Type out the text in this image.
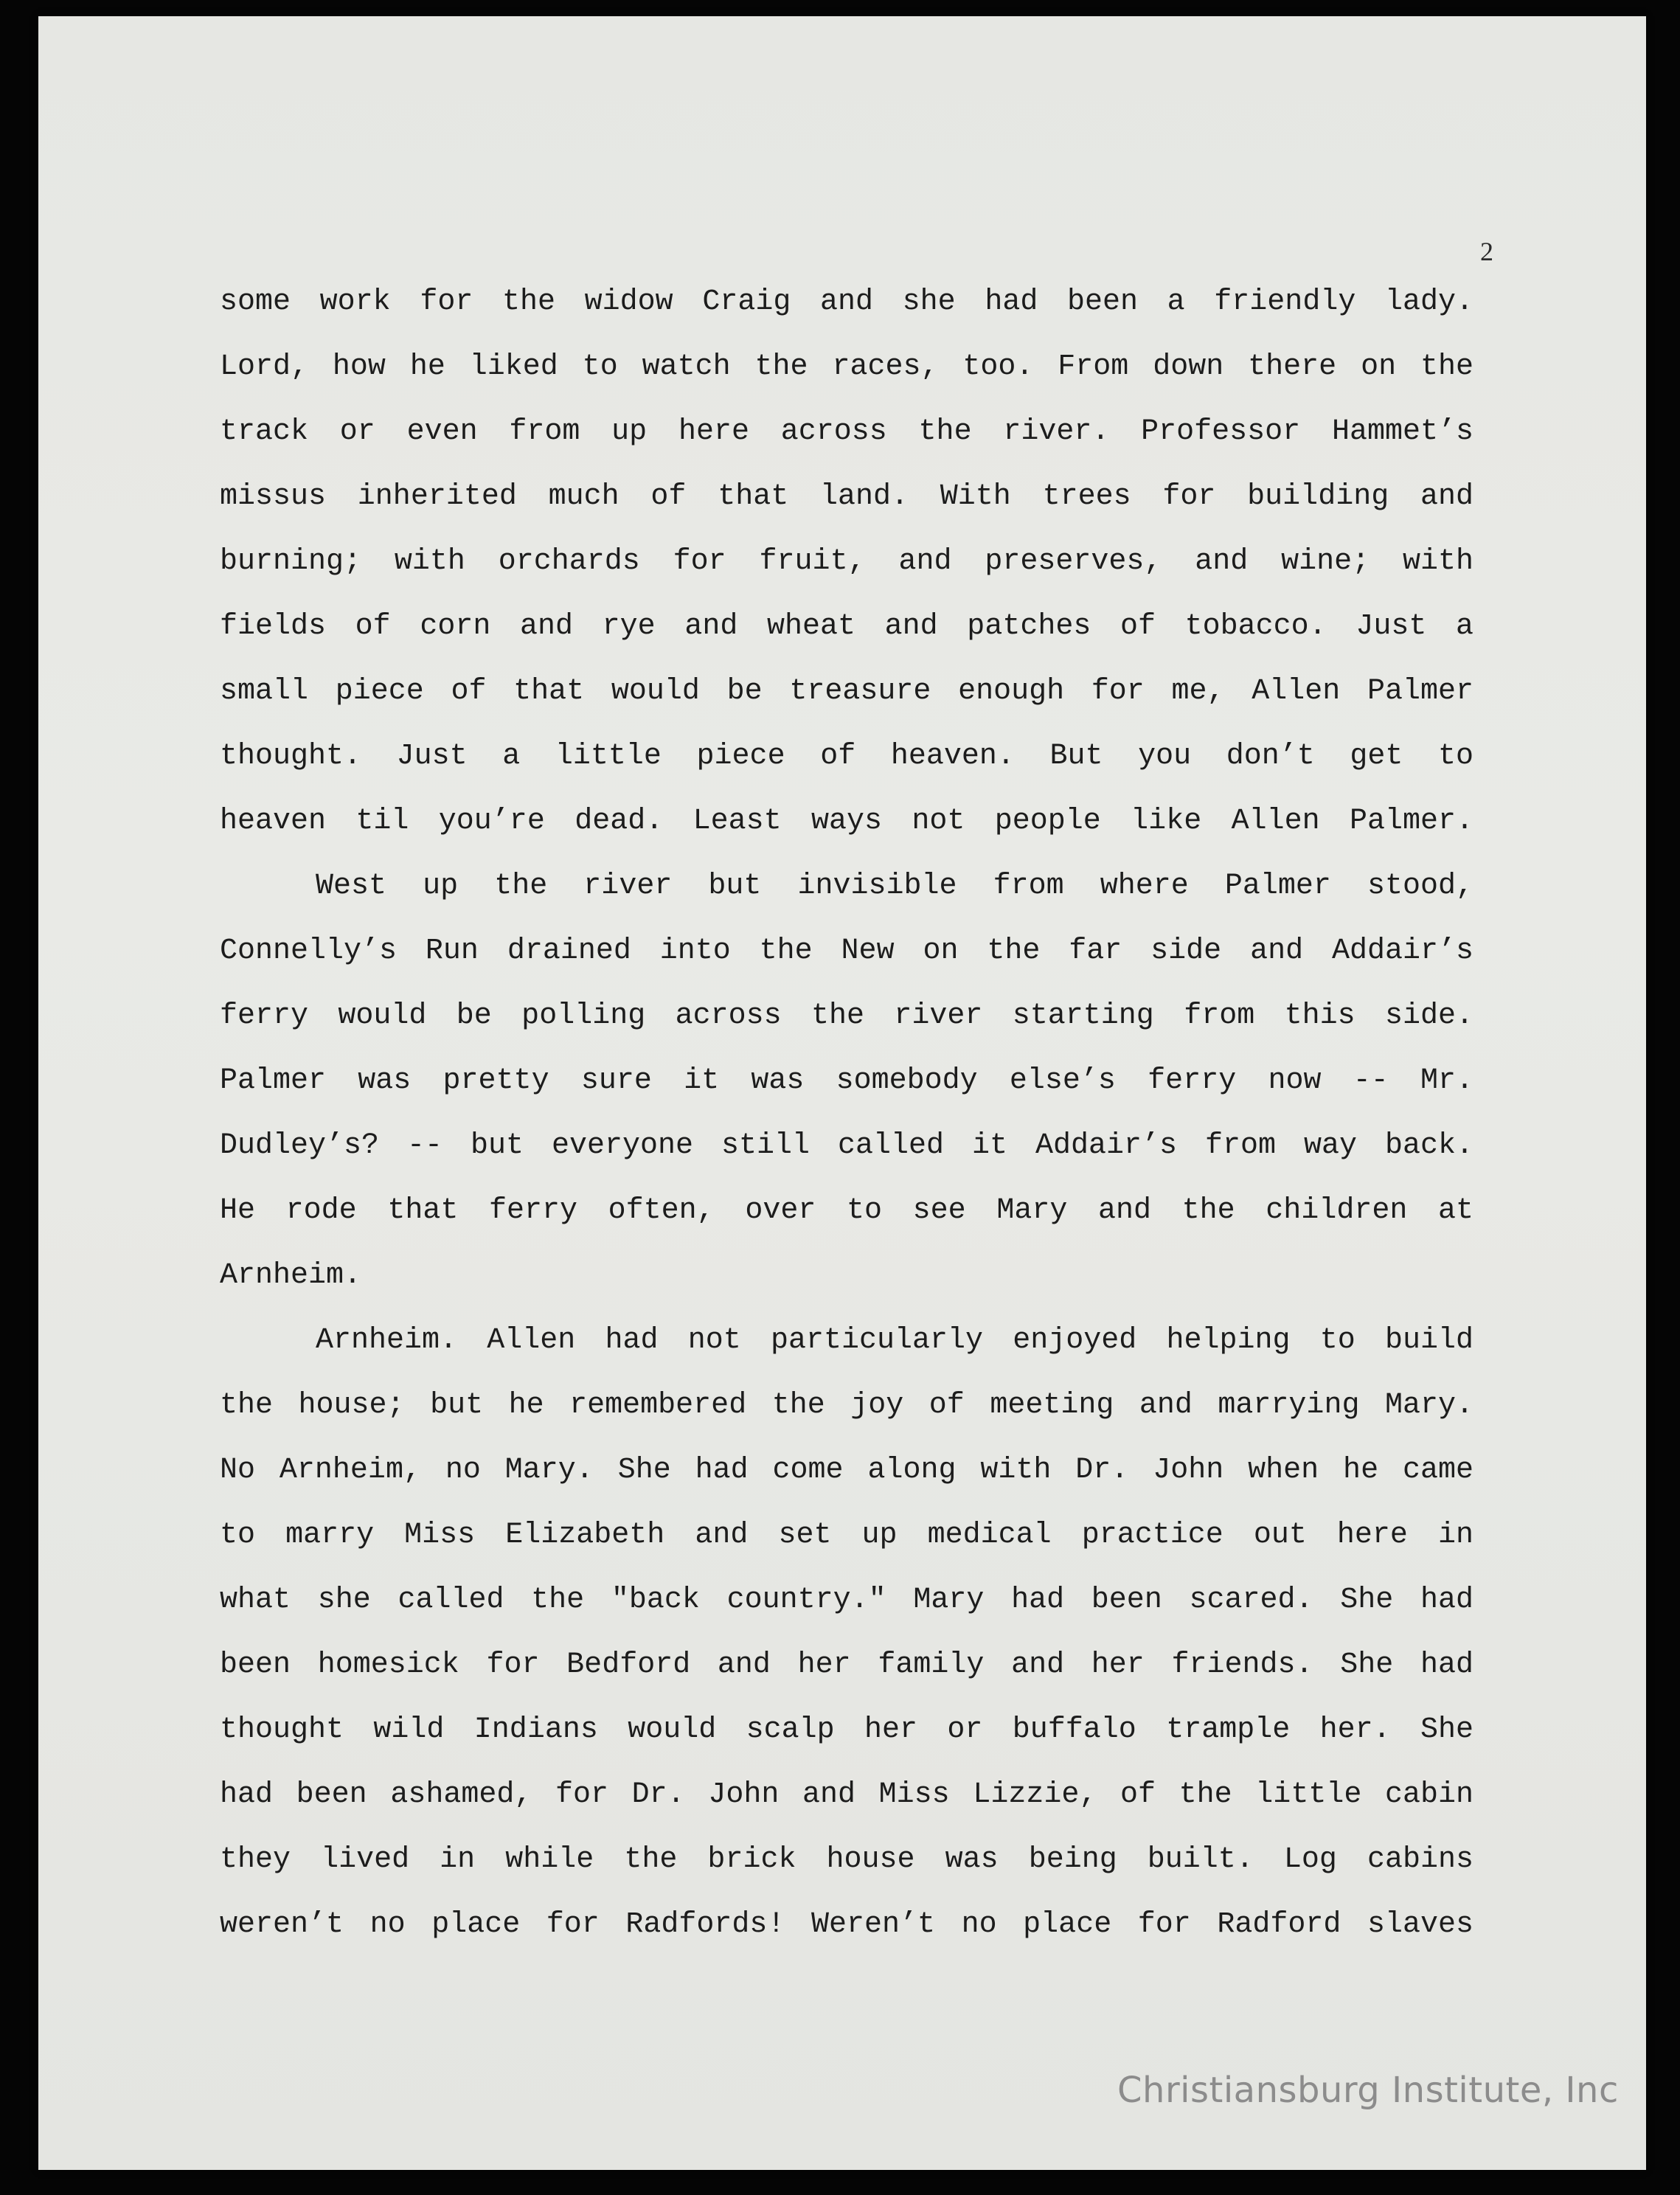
2
some work for the widow Craig and she had been a friendly lady.
Lord, how he liked to watch the races, too. From down there on the
track or even from up here across the river. Professor Hammet’s
missus inherited much of that land. With trees for building and
burning; with orchards for fruit, and preserves, and wine; with
fields of corn and rye and wheat and patches of tobacco. Just a
small piece of that would be treasure enough for me, Allen Palmer
thought. Just a little piece of heaven. But you don’t get to
heaven til you’re dead. Least ways not people like Allen Palmer.
West up the river but invisible from where Palmer stood,
Connelly’s Run drained into the New on the far side and Addair’s
ferry would be polling across the river starting from this side.
Palmer was pretty sure it was somebody else’s ferry now -- Mr.
Dudley’s? -- but everyone still called it Addair’s from way back.
He rode that ferry often, over to see Mary and the children at
Arnheim.
Arnheim. Allen had not particularly enjoyed helping to build
the house; but he remembered the joy of meeting and marrying Mary.
No Arnheim, no Mary. She had come along with Dr. John when he came
to marry Miss Elizabeth and set up medical practice out here in
what she called the "back country." Mary had been scared. She had
been homesick for Bedford and her family and her friends. She had
thought wild Indians would scalp her or buffalo trample her. She
had been ashamed, for Dr. John and Miss Lizzie, of the little cabin
they lived in while the brick house was being built. Log cabins
weren’t no place for Radfords! Weren’t no place for Radford slaves
Christiansburg Institute, Inc
